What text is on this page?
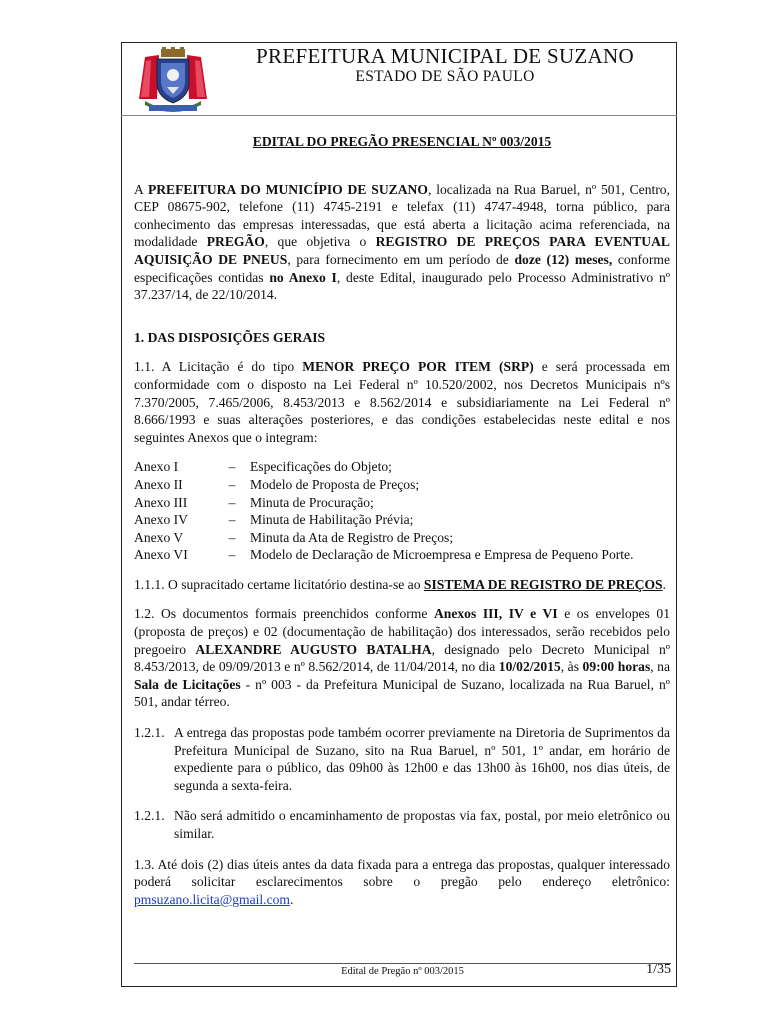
PREFEITURA MUNICIPAL DE SUZANO
ESTADO DE SÃO PAULO

EDITAL DO PREGÃO PRESENCIAL Nº 003/2015

A PREFEITURA DO MUNICÍPIO DE SUZANO, localizada na Rua Baruel, nº 501, Centro, CEP 08675-902, telefone (11) 4745-2191 e telefax (11) 4747-4948, torna público, para conhecimento das empresas interessadas, que está aberta a licitação acima referenciada, na modalidade PREGÃO, que objetiva o REGISTRO DE PREÇOS PARA EVENTUAL AQUISIÇÃO DE PNEUS, para fornecimento em um período de doze (12) meses, conforme especificações contidas no Anexo I, deste Edital, inaugurado pelo Processo Administrativo nº 37.237/14, de 22/10/2014.

1. DAS DISPOSIÇÕES GERAIS

1.1. A Licitação é do tipo MENOR PREÇO POR ITEM (SRP) e será processada em conformidade com o disposto na Lei Federal nº 10.520/2002, nos Decretos Municipais nºs 7.370/2005, 7.465/2006, 8.453/2013 e 8.562/2014 e subsidiariamente na Lei Federal nº 8.666/1993 e suas alterações posteriores, e das condições estabelecidas neste edital e nos seguintes Anexos que o integram:

Anexo I	–	Especificações do Objeto;
Anexo II	–	Modelo de Proposta de Preços;
Anexo III	–	Minuta de Procuração;
Anexo IV	–	Minuta de Habilitação Prévia;
Anexo V	–	Minuta da Ata de Registro de Preços;
Anexo VI	–	Modelo de Declaração de Microempresa e Empresa de Pequeno Porte.

1.1.1. O supracitado certame licitatório destina-se ao SISTEMA DE REGISTRO DE PREÇOS.

1.2. Os documentos formais preenchidos conforme Anexos III, IV e VI e os envelopes 01 (proposta de preços) e 02 (documentação de habilitação) dos interessados, serão recebidos pelo pregoeiro ALEXANDRE AUGUSTO BATALHA, designado pelo Decreto Municipal nº 8.453/2013, de 09/09/2013 e nº 8.562/2014, de 11/04/2014, no dia 10/02/2015, às 09:00 horas, na Sala de Licitações - nº 003 - da Prefeitura Municipal de Suzano, localizada na Rua Baruel, nº 501, andar térreo.

1.2.1. A entrega das propostas pode também ocorrer previamente na Diretoria de Suprimentos da Prefeitura Municipal de Suzano, sito na Rua Baruel, nº 501, 1º andar, em horário de expediente para o público, das 09h00 às 12h00 e das 13h00 às 16h00, nos dias úteis, de segunda a sexta-feira.

1.2.1. Não será admitido o encaminhamento de propostas via fax, postal, por meio eletrônico ou similar.

1.3. Até dois (2) dias úteis antes da data fixada para a entrega das propostas, qualquer interessado poderá solicitar esclarecimentos sobre o pregão pelo endereço eletrônico: pmsuzano.licita@gmail.com.

Edital de Pregão nº 003/2015	1/35
